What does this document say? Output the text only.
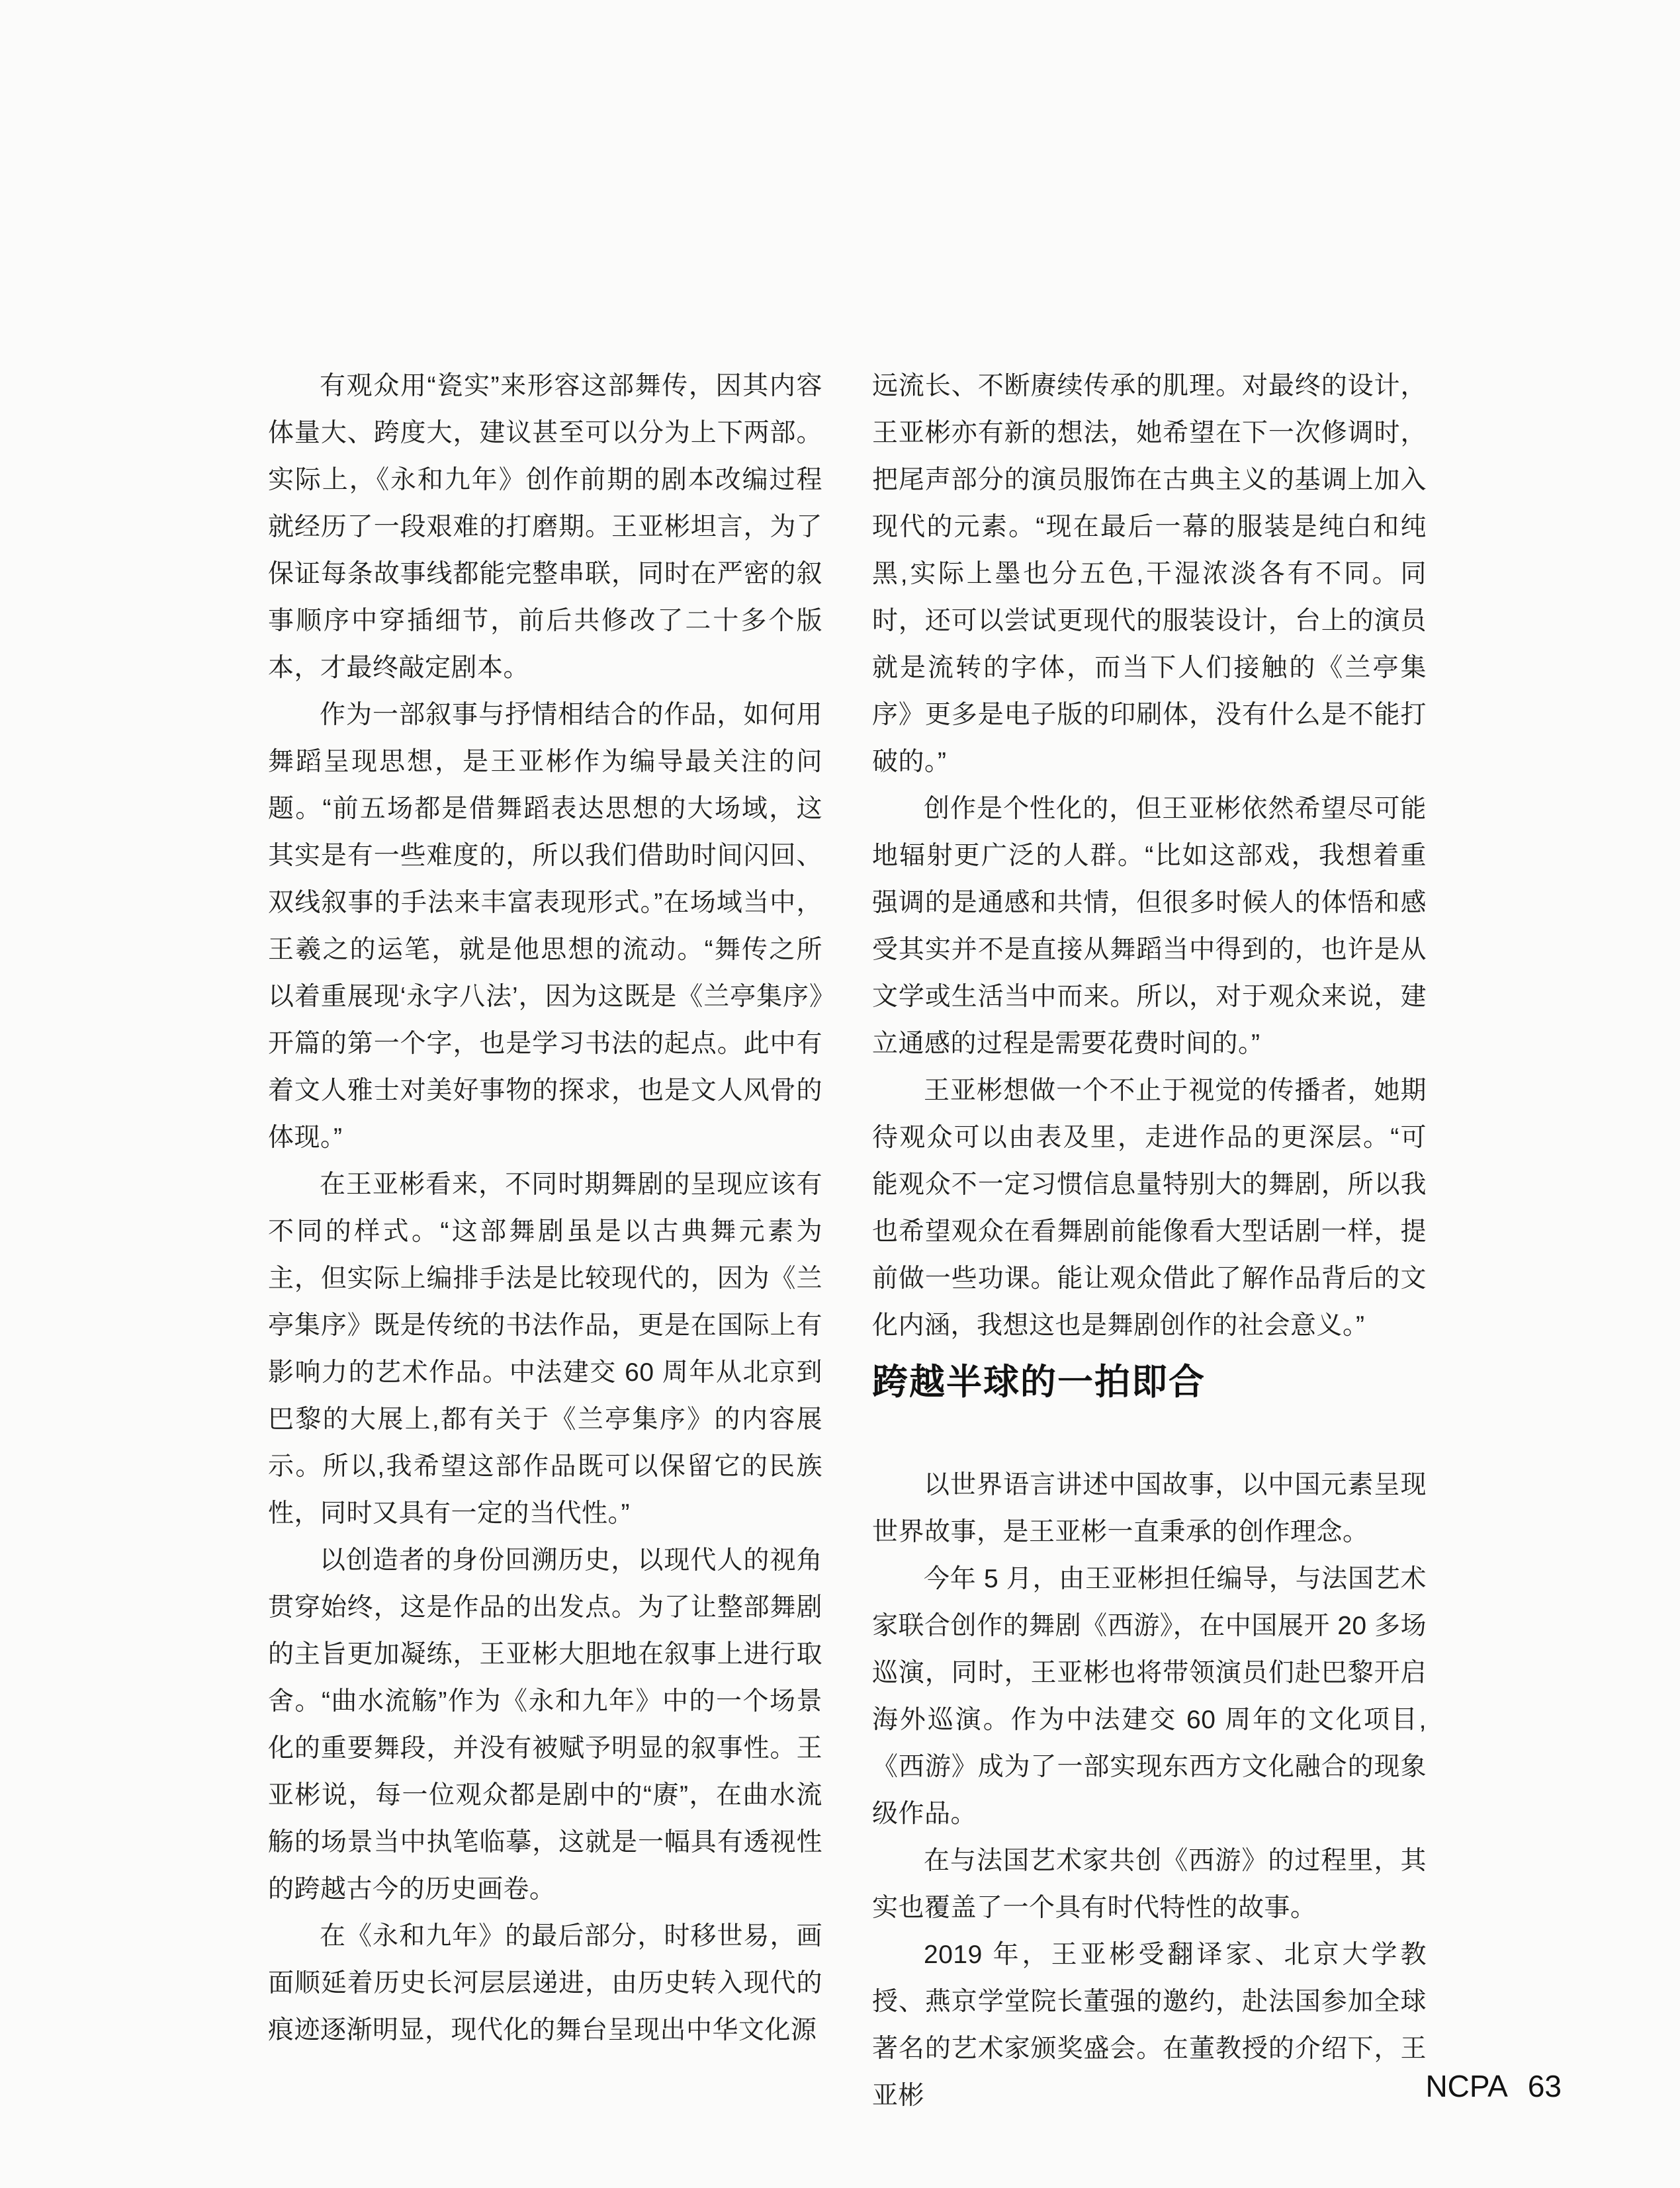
有观众用“瓷实”来形容这部舞传，因其内容体量大、跨度大，建议甚至可以分为上下两部。实际上，《永和九年》创作前期的剧本改编过程就经历了一段艰难的打磨期。王亚彬坦言，为了保证每条故事线都能完整串联，同时在严密的叙事顺序中穿插细节，前后共修改了二十多个版本，才最终敲定剧本。

作为一部叙事与抒情相结合的作品，如何用舞蹈呈现思想，是王亚彬作为编导最关注的问题。“前五场都是借舞蹈表达思想的大场域，这其实是有一些难度的，所以我们借助时间闪回、双线叙事的手法来丰富表现形式。”在场域当中，王羲之的运笔，就是他思想的流动。“舞传之所以着重展现‘永字八法’，因为这既是《兰亭集序》开篇的第一个字，也是学习书法的起点。此中有着文人雅士对美好事物的探求，也是文人风骨的体现。”

在王亚彬看来，不同时期舞剧的呈现应该有不同的样式。“这部舞剧虽是以古典舞元素为主，但实际上编排手法是比较现代的，因为《兰亭集序》既是传统的书法作品，更是在国际上有影响力的艺术作品。中法建交 60 周年从北京到巴黎的大展上,都有关于《兰亭集序》的内容展示。所以,我希望这部作品既可以保留它的民族性，同时又具有一定的当代性。”

以创造者的身份回溯历史，以现代人的视角贯穿始终，这是作品的出发点。为了让整部舞剧的主旨更加凝练，王亚彬大胆地在叙事上进行取舍。“曲水流觞”作为《永和九年》中的一个场景化的重要舞段，并没有被赋予明显的叙事性。王亚彬说，每一位观众都是剧中的“赓”，在曲水流觞的场景当中执笔临摹，这就是一幅具有透视性的跨越古今的历史画卷。

在《永和九年》的最后部分，时移世易，画面顺延着历史长河层层递进，由历史转入现代的痕迹逐渐明显，现代化的舞台呈现出中华文化源

远流长、不断赓续传承的肌理。对最终的设计，王亚彬亦有新的想法，她希望在下一次修调时，把尾声部分的演员服饰在古典主义的基调上加入现代的元素。“现在最后一幕的服装是纯白和纯黑,实际上墨也分五色,干湿浓淡各有不同。同时，还可以尝试更现代的服装设计，台上的演员就是流转的字体，而当下人们接触的《兰亭集序》更多是电子版的印刷体，没有什么是不能打破的。”

创作是个性化的，但王亚彬依然希望尽可能地辐射更广泛的人群。“比如这部戏，我想着重强调的是通感和共情，但很多时候人的体悟和感受其实并不是直接从舞蹈当中得到的，也许是从文学或生活当中而来。所以，对于观众来说，建立通感的过程是需要花费时间的。”

王亚彬想做一个不止于视觉的传播者，她期待观众可以由表及里，走进作品的更深层。“可能观众不一定习惯信息量特别大的舞剧，所以我也希望观众在看舞剧前能像看大型话剧一样，提前做一些功课。能让观众借此了解作品背后的文化内涵，我想这也是舞剧创作的社会意义。”

跨越半球的一拍即合

以世界语言讲述中国故事，以中国元素呈现世界故事，是王亚彬一直秉承的创作理念。

今年 5 月，由王亚彬担任编导，与法国艺术家联合创作的舞剧《西游》，在中国展开 20 多场巡演，同时，王亚彬也将带领演员们赴巴黎开启海外巡演。作为中法建交 60 周年的文化项目,《西游》成为了一部实现东西方文化融合的现象级作品。

在与法国艺术家共创《西游》的过程里，其实也覆盖了一个具有时代特性的故事。

2019 年，王亚彬受翻译家、北京大学教授、燕京学堂院长董强的邀约，赴法国参加全球著名的艺术家颁奖盛会。在董教授的介绍下，王亚彬	NCPA 63
